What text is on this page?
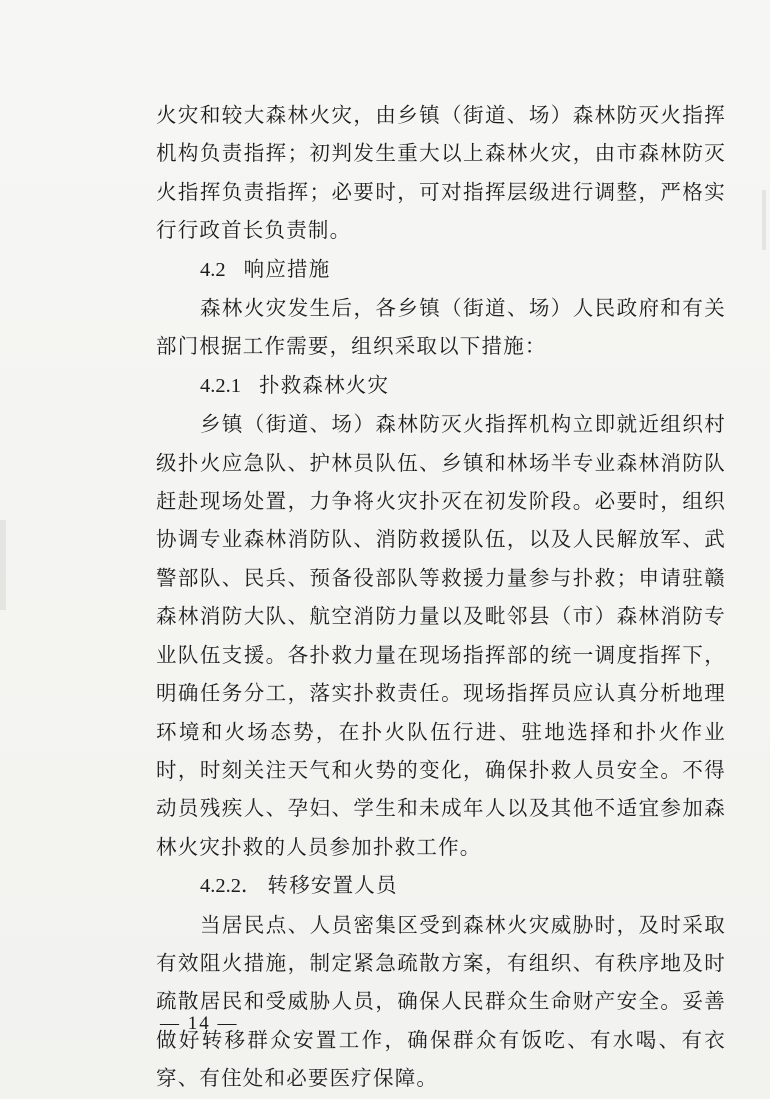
火灾和较大森林火灾，由乡镇（街道、场）森林防灭火指挥机构负责指挥；初判发生重大以上森林火灾，由市森林防灭火指挥负责指挥；必要时，可对指挥层级进行调整，严格实行行政首长负责制。

4.2 响应措施

森林火灾发生后，各乡镇（街道、场）人民政府和有关部门根据工作需要，组织采取以下措施：

4.2.1 扑救森林火灾

乡镇（街道、场）森林防灭火指挥机构立即就近组织村级扑火应急队、护林员队伍、乡镇和林场半专业森林消防队赶赴现场处置，力争将火灾扑灭在初发阶段。必要时，组织协调专业森林消防队、消防救援队伍，以及人民解放军、武警部队、民兵、预备役部队等救援力量参与扑救；申请驻赣森林消防大队、航空消防力量以及毗邻县（市）森林消防专业队伍支援。各扑救力量在现场指挥部的统一调度指挥下，明确任务分工，落实扑救责任。现场指挥员应认真分析地理环境和火场态势，在扑火队伍行进、驻地选择和扑火作业时，时刻关注天气和火势的变化，确保扑救人员安全。不得动员残疾人、孕妇、学生和未成年人以及其他不适宜参加森林火灾扑救的人员参加扑救工作。

4.2.2． 转移安置人员

当居民点、人员密集区受到森林火灾威胁时，及时采取有效阻火措施，制定紧急疏散方案，有组织、有秩序地及时疏散居民和受威胁人员，确保人民群众生命财产安全。妥善做好转移群众安置工作，确保群众有饭吃、有水喝、有衣穿、有住处和必要医疗保障。

— 14 —
